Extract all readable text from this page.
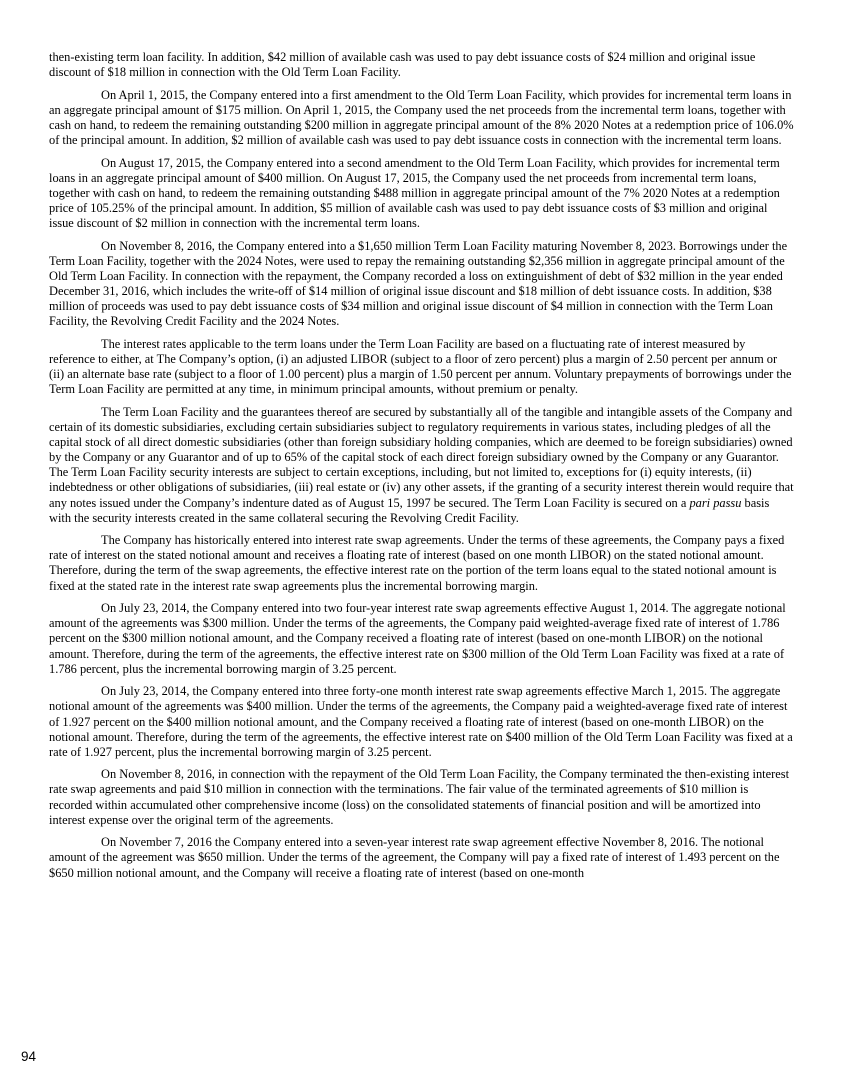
then-existing term loan facility. In addition, $42 million of available cash was used to pay debt issuance costs of $24 million and original issue discount of $18 million in connection with the Old Term Loan Facility.

On April 1, 2015, the Company entered into a first amendment to the Old Term Loan Facility, which provides for incremental term loans in an aggregate principal amount of $175 million. On April 1, 2015, the Company used the net proceeds from the incremental term loans, together with cash on hand, to redeem the remaining outstanding $200 million in aggregate principal amount of the 8% 2020 Notes at a redemption price of 106.0% of the principal amount. In addition, $2 million of available cash was used to pay debt issuance costs in connection with the incremental term loans.

On August 17, 2015, the Company entered into a second amendment to the Old Term Loan Facility, which provides for incremental term loans in an aggregate principal amount of $400 million. On August 17, 2015, the Company used the net proceeds from incremental term loans, together with cash on hand, to redeem the remaining outstanding $488 million in aggregate principal amount of the 7% 2020 Notes at a redemption price of 105.25% of the principal amount. In addition, $5 million of available cash was used to pay debt issuance costs of $3 million and original issue discount of $2 million in connection with the incremental term loans.

On November 8, 2016, the Company entered into a $1,650 million Term Loan Facility maturing November 8, 2023. Borrowings under the Term Loan Facility, together with the 2024 Notes, were used to repay the remaining outstanding $2,356 million in aggregate principal amount of the Old Term Loan Facility. In connection with the repayment, the Company recorded a loss on extinguishment of debt of $32 million in the year ended December 31, 2016, which includes the write-off of $14 million of original issue discount and $18 million of debt issuance costs. In addition, $38 million of proceeds was used to pay debt issuance costs of $34 million and original issue discount of $4 million in connection with the Term Loan Facility, the Revolving Credit Facility and the 2024 Notes.

The interest rates applicable to the term loans under the Term Loan Facility are based on a fluctuating rate of interest measured by reference to either, at The Company’s option, (i) an adjusted LIBOR (subject to a floor of zero percent) plus a margin of 2.50 percent per annum or (ii) an alternate base rate (subject to a floor of 1.00 percent) plus a margin of 1.50 percent per annum. Voluntary prepayments of borrowings under the Term Loan Facility are permitted at any time, in minimum principal amounts, without premium or penalty.

The Term Loan Facility and the guarantees thereof are secured by substantially all of the tangible and intangible assets of the Company and certain of its domestic subsidiaries, excluding certain subsidiaries subject to regulatory requirements in various states, including pledges of all the capital stock of all direct domestic subsidiaries (other than foreign subsidiary holding companies, which are deemed to be foreign subsidiaries) owned by the Company or any Guarantor and of up to 65% of the capital stock of each direct foreign subsidiary owned by the Company or any Guarantor. The Term Loan Facility security interests are subject to certain exceptions, including, but not limited to, exceptions for (i) equity interests, (ii) indebtedness or other obligations of subsidiaries, (iii) real estate or (iv) any other assets, if the granting of a security interest therein would require that any notes issued under the Company’s indenture dated as of August 15, 1997 be secured. The Term Loan Facility is secured on a pari passu basis with the security interests created in the same collateral securing the Revolving Credit Facility.

The Company has historically entered into interest rate swap agreements. Under the terms of these agreements, the Company pays a fixed rate of interest on the stated notional amount and receives a floating rate of interest (based on one month LIBOR) on the stated notional amount. Therefore, during the term of the swap agreements, the effective interest rate on the portion of the term loans equal to the stated notional amount is fixed at the stated rate in the interest rate swap agreements plus the incremental borrowing margin.

On July 23, 2014, the Company entered into two four-year interest rate swap agreements effective August 1, 2014. The aggregate notional amount of the agreements was $300 million. Under the terms of the agreements, the Company paid weighted-average fixed rate of interest of 1.786 percent on the $300 million notional amount, and the Company received a floating rate of interest (based on one-month LIBOR) on the notional amount. Therefore, during the term of the agreements, the effective interest rate on $300 million of the Old Term Loan Facility was fixed at a rate of 1.786 percent, plus the incremental borrowing margin of 3.25 percent.

On July 23, 2014, the Company entered into three forty-one month interest rate swap agreements effective March 1, 2015. The aggregate notional amount of the agreements was $400 million. Under the terms of the agreements, the Company paid a weighted-average fixed rate of interest of 1.927 percent on the $400 million notional amount, and the Company received a floating rate of interest (based on one-month LIBOR) on the notional amount. Therefore, during the term of the agreements, the effective interest rate on $400 million of the Old Term Loan Facility was fixed at a rate of 1.927 percent, plus the incremental borrowing margin of 3.25 percent.

On November 8, 2016, in connection with the repayment of the Old Term Loan Facility, the Company terminated the then-existing interest rate swap agreements and paid $10 million in connection with the terminations. The fair value of the terminated agreements of $10 million is recorded within accumulated other comprehensive income (loss) on the consolidated statements of financial position and will be amortized into interest expense over the original term of the agreements.

On November 7, 2016 the Company entered into a seven-year interest rate swap agreement effective November 8, 2016. The notional amount of the agreement was $650 million. Under the terms of the agreement, the Company will pay a fixed rate of interest of 1.493 percent on the $650 million notional amount, and the Company will receive a floating rate of interest (based on one-month

94
